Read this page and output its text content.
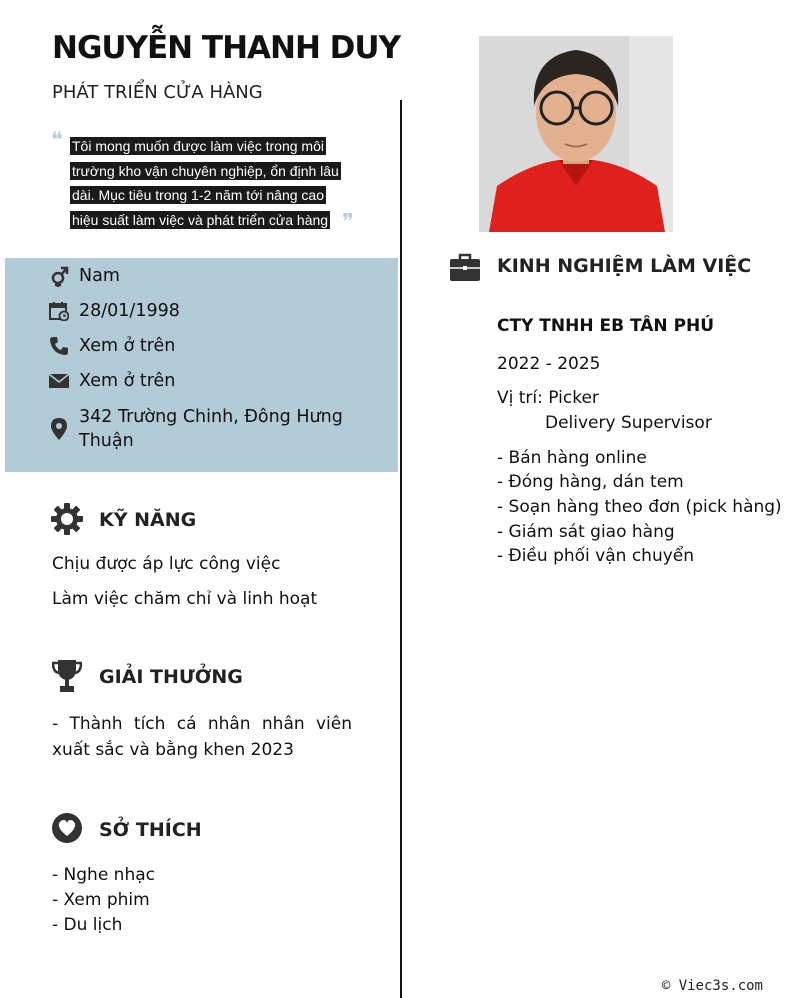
NGUYỄN THANH DUY
PHÁT TRIỂN CỬA HÀNG
❝ Tôi mong muốn được làm việc trong môi trường kho vận chuyên nghiệp, ổn định lâu dài. Mục tiêu trong 1-2 năm tới nâng cao hiệu suất làm việc và phát triển cửa hàng ❞
Nam
28/01/1998
Xem ở trên
Xem ở trên
342 Trường Chinh, Đông Hưng Thuận
KỸ NĂNG
Chịu được áp lực công việc
Làm việc chăm chỉ và linh hoạt
GIẢI THƯỞNG
- Thành tích cá nhân nhân viên xuất sắc và bằng khen 2023
SỞ THÍCH
- Nghe nhạc
- Xem phim
- Du lịch
KINH NGHIỆM LÀM VIỆC
CTY TNHH EB TÂN PHÚ
2022 - 2025
Vị trí: Picker
Delivery Supervisor
- Bán hàng online
- Đóng hàng, dán tem
- Soạn hàng theo đơn (pick hàng)
- Giám sát giao hàng
- Điều phối vận chuyển
© Viec3s.com
